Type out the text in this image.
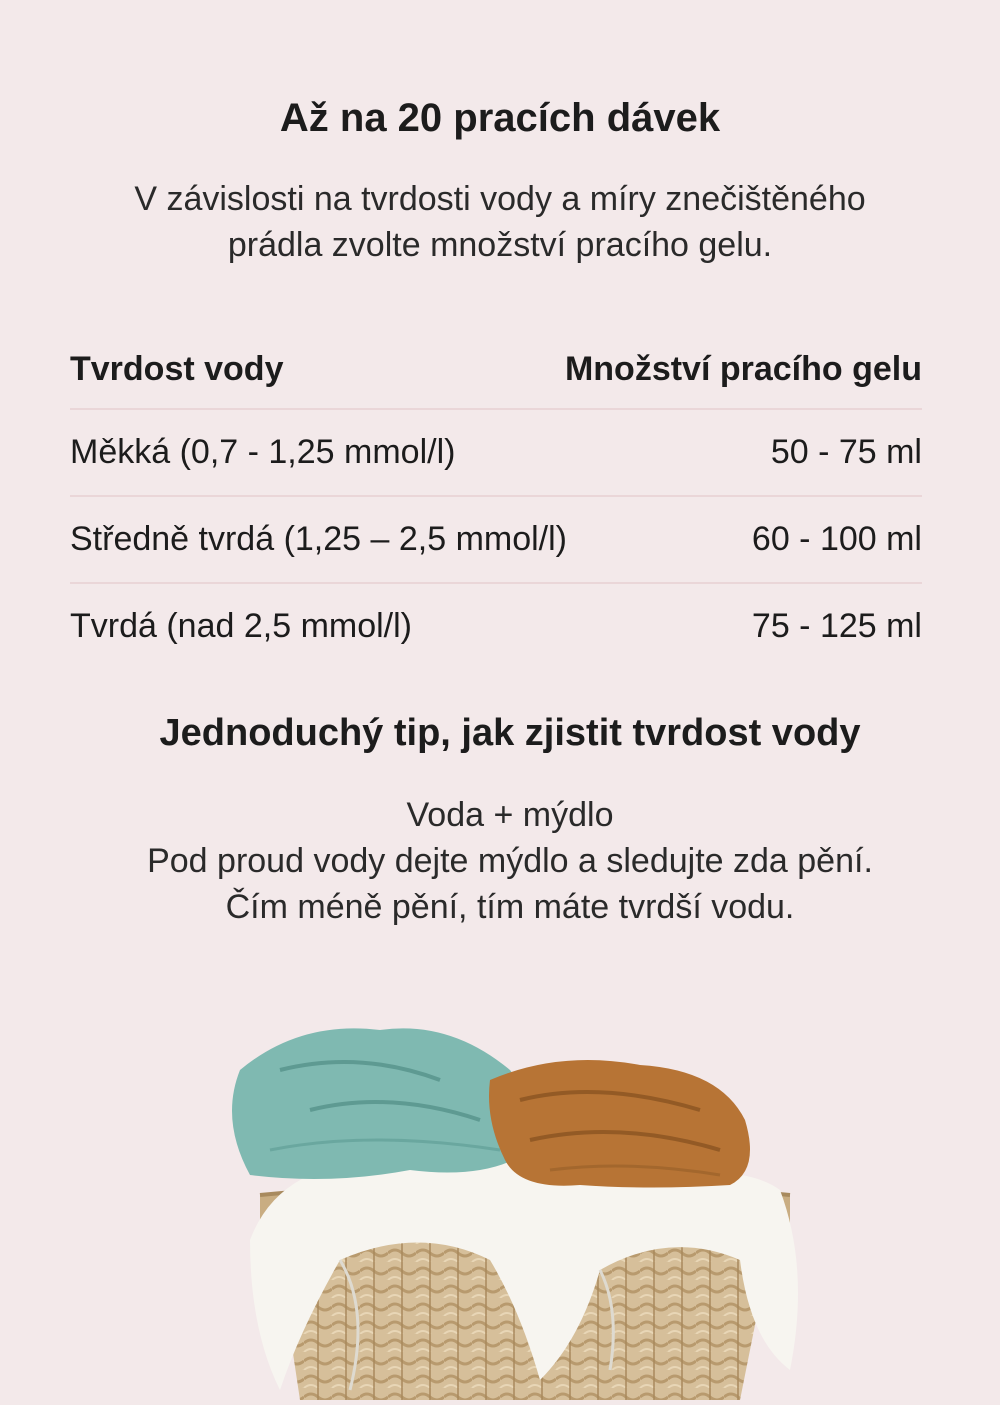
Až na 20 pracích dávek
V závislosti na tvrdosti vody a míry znečištěného
prádla zvolte množství pracího gelu.
Tvrdost vody	Množství pracího gelu
Měkká (0,7 - 1,25 mmol/l)	50 - 75 ml
Středně tvrdá (1,25 – 2,5 mmol/l)	60 - 100 ml
Tvrdá (nad 2,5 mmol/l)	75 - 125 ml
Jednoduchý tip, jak zjistit tvrdost vody
Voda + mýdlo
Pod proud vody dejte mýdlo a sledujte zda pění.
Čím méně pění, tím máte tvrdší vodu.
